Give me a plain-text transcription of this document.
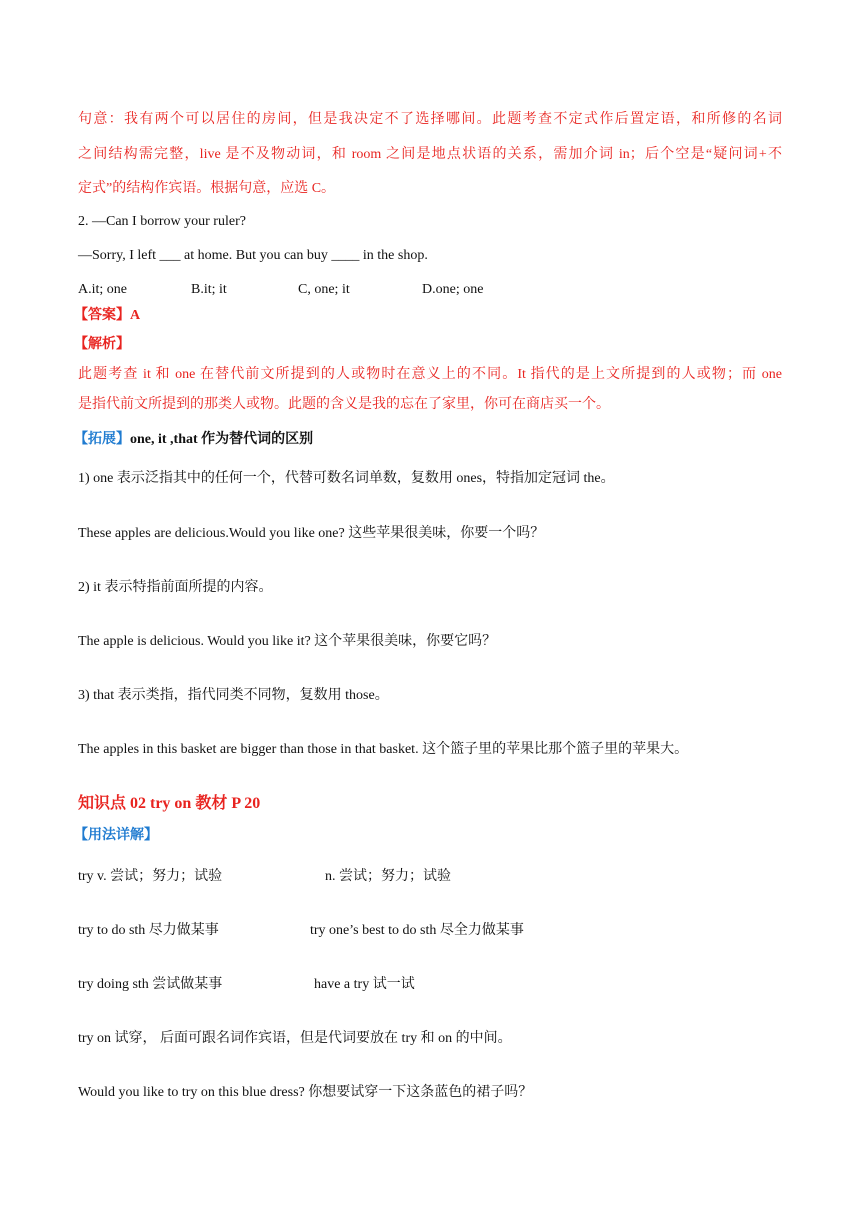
句意：我有两个可以居住的房间，但是我决定不了选择哪间。此题考查不定式作后置定语，和所修的名词
之间结构需完整，live 是不及物动词，和 room 之间是地点状语的关系，需加介词 in；后个空是“疑问词+不
定式”的结构作宾语。根据句意，应选 C。
2. —Can I borrow your ruler?
—Sorry, I left ___ at home. But you can buy ____ in the shop.
A.it; one	B.it; it	C, one; it	D.one; one
【答案】A
【解析】
此题考查 it 和 one 在替代前文所提到的人或物时在意义上的不同。It 指代的是上文所提到的人或物；而 one
是指代前文所提到的那类人或物。此题的含义是我的忘在了家里，你可在商店买一个。
【拓展】one, it ,that 作为替代词的区别
1) one 表示泛指其中的任何一个，代替可数名词单数，复数用 ones，特指加定冠词 the。
These apples are delicious.Would you like one? 这些苹果很美味，你要一个吗？
2) it 表示特指前面所提的内容。
The apple is delicious. Would you like it? 这个苹果很美味，你要它吗？
3) that 表示类指，指代同类不同物，复数用 those。
The apples in this basket are bigger than those in that basket. 这个篮子里的苹果比那个篮子里的苹果大。
知识点 02 try on 教材 P 20
【用法详解】
try v. 尝试；努力；试验	n. 尝试；努力；试验
try to do sth 尽力做某事	try one’s best to do sth 尽全力做某事
try doing sth 尝试做某事	have a try 试一试
try on 试穿， 后面可跟名词作宾语，但是代词要放在 try 和 on 的中间。
Would you like to try on this blue dress? 你想要试穿一下这条蓝色的裙子吗？
